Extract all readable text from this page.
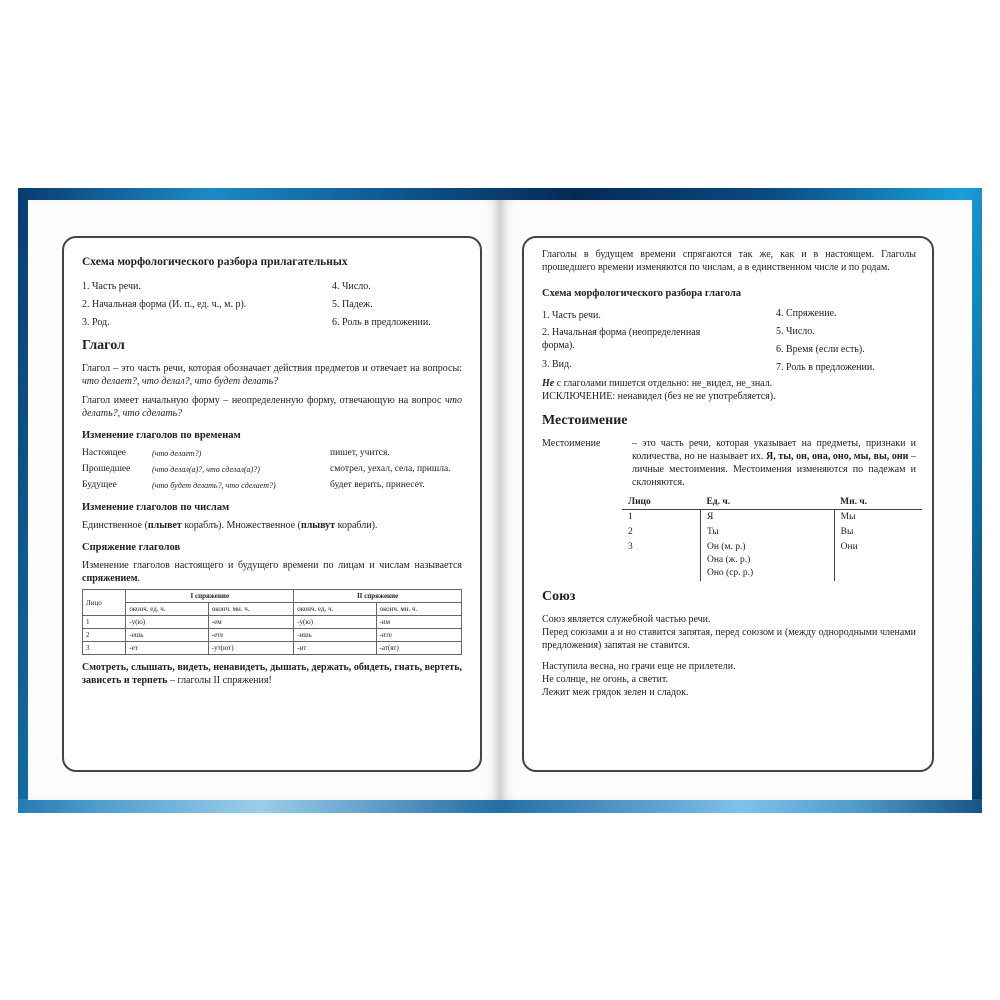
Схема морфологического разбора прилагательных
1. Часть речи.
2. Начальная форма (И. п., ед. ч., м. р).
3. Род.
4. Число.
5. Падеж.
6. Роль в предложении.
Глагол
Глагол – это часть речи, которая обозначает действия предметов и отвечает на вопросы: что делает?, что делал?, что будет делать?
Глагол имеет начальную форму – неопределенную форму, отвечающую на вопрос что делать?, что сделать?
Изменение глаголов по временам
Настоящее	(что делает?)	пишет, учится.
Прошедшее	(что делал(а)?, что сделал(а)?)	смотрел, уехал, села, пришла.
Будущее	(что будет делать?, что сделает?)	будет верить, принесет.
Изменение глаголов по числам
Единственное (плывет кораблъ). Множественное (плывут корабли).
Спряжение глаголов
Изменение глаголов настоящего и будущего времени по лицам и числам называется спряжением.
Лицо	I спряжение		II спряжение	
	оконч. ед. ч.	оконч. мн. ч.	оконч. ед. ч.	оконч. мн. ч.
1	-у(ю)	-ем	-у(ю)	-им
2	-ешь	-ете	-ишь	-ите
3	-ет	-ут(ют)	-ит	-ат(ят)
Смотреть, слышать, видеть, ненавидеть, дышать, держать, обидеть, гнать, вертеть, зависеть и терпеть – глаголы II спряжения!
Глаголы в будущем времени спрягаются так же, как и в настоящем. Глаголы прошедшего времени изменяются по числам, а в единственном числе и по родам.
Схема морфологического разбора глагола
1. Часть речи.
2. Начальная форма (неопределенная форма).
3. Вид.
4. Спряжение.
5. Число.
6. Время (если есть).
7. Роль в предложении.
Не с глаголами пишется отдельно: не_видел, не_знал.
ИСКЛЮЧЕНИЕ: ненавидел (без не не употребляется).
Местоимение
Местоимение	– это часть речи, которая указывает на предметы, признаки и количества, но не называет их. Я, ты, он, она, оно, мы, вы, они – личные местоимения. Местоимения изменяются по падежам и склоняются.
Лицо	Ед. ч.	Мн. ч.
1	Я	Мы
2	Ты	Вы
3	Он (м. р.)
Она (ж. р.)
Оно (ср. р.)	Они
Союз
Союз является служебной частью речи.
Перед союзами а и но ставится запятая, перед союзом и (между однородными членами предложения) запятая не ставится.
Наступила весна, но грачи еще не прилетели.
Не солнце, не огонь, а светит.
Лежит меж грядок зелен и сладок.
